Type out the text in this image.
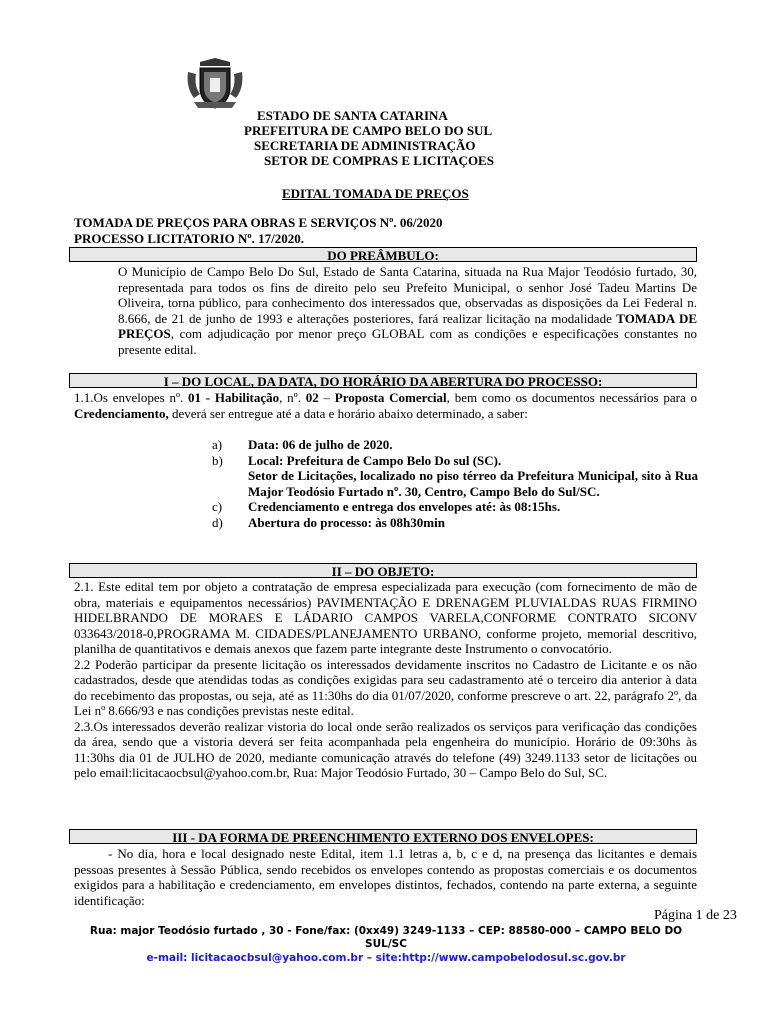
ESTADO DE SANTA CATARINA
PREFEITURA DE CAMPO BELO DO SUL
SECRETARIA DE ADMINISTRAÇÃO
SETOR DE COMPRAS E LICITAÇOES
EDITAL TOMADA DE PREÇOS
TOMADA DE PREÇOS PARA OBRAS E SERVIÇOS Nº. 06/2020
PROCESSO LICITATORIO Nº. 17/2020.
DO PREÂMBULO:
O Município de Campo Belo Do Sul, Estado de Santa Catarina, situada na Rua Major Teodósio furtado, 30, representada para todos os fins de direito pelo seu Prefeito Municipal, o senhor José Tadeu Martins De Oliveira, torna público, para conhecimento dos interessados que, observadas as disposições da Lei Federal n. 8.666, de 21 de junho de 1993 e alterações posteriores, fará realizar licitação na modalidade TOMADA DE PREÇOS, com adjudicação por menor preço GLOBAL com as condições e especificações constantes no presente edital.
I – DO LOCAL, DA DATA, DO HORÁRIO DA ABERTURA DO PROCESSO:
1.1.Os envelopes nº. 01 - Habilitação, nº. 02 – Proposta Comercial, bem como os documentos necessários para o Credenciamento, deverá ser entregue até a data e horário abaixo determinado, a saber:
a)	Data: 06 de julho de 2020.
b)	Local: Prefeitura de Campo Belo Do sul (SC).
Setor de Licitações, localizado no piso térreo da Prefeitura Municipal, sito à Rua Major Teodósio Furtado nº. 30, Centro, Campo Belo do Sul/SC.
c)	Credenciamento e entrega dos envelopes até: às 08:15hs.
d)	Abertura do processo: às 08h30min
II – DO OBJETO:
2.1. Este edital tem por objeto a contratação de empresa especializada para execução (com fornecimento de mão de obra, materiais e equipamentos necessários) PAVIMENTAÇÃO E DRENAGEM PLUVIALDAS RUAS FIRMINO HIDELBRANDO DE MORAES E LÁDARIO CAMPOS VARELA,CONFORME CONTRATO SICONV 033643/2018-0,PROGRAMA M. CIDADES/PLANEJAMENTO URBANO, conforme projeto, memorial descritivo, planilha de quantitativos e demais anexos que fazem parte integrante deste Instrumento o convocatório.
2.2 Poderão participar da presente licitação os interessados devidamente inscritos no Cadastro de Licitante e os não cadastrados, desde que atendidas todas as condições exigidas para seu cadastramento até o terceiro dia anterior à data do recebimento das propostas, ou seja, até as 11:30hs do dia 01/07/2020, conforme prescreve o art. 22, parágrafo 2º, da Lei nº 8.666/93 e nas condições previstas neste edital.
2.3.Os interessados deverão realizar vistoria do local onde serão realizados os serviços para verificação das condições da área, sendo que a vistoria deverá ser feita acompanhada pela engenheira do município. Horário de 09:30hs às 11:30hs dia 01 de JULHO de 2020, mediante comunicação através do telefone (49) 3249.1133 setor de licitações ou pelo email:licitacaocbsul@yahoo.com.br, Rua: Major Teodósio Furtado, 30 – Campo Belo do Sul, SC.
III - DA FORMA DE PREENCHIMENTO EXTERNO DOS ENVELOPES:
- No dia, hora e local designado neste Edital, item 1.1 letras a, b, c e d, na presença das licitantes e demais pessoas presentes à Sessão Pública, sendo recebidos os envelopes contendo as propostas comerciais e os documentos exigidos para a habilitação e credenciamento, em envelopes distintos, fechados, contendo na parte externa, a seguinte identificação:
Página 1 de 23
Rua: major Teodósio furtado , 30 - Fone/fax: (0xx49) 3249-1133 – CEP: 88580-000 – CAMPO BELO DO SUL/SC
e-mail: licitacaocbsul@yahoo.com.br – site:http://www.campobelodosul.sc.gov.br
